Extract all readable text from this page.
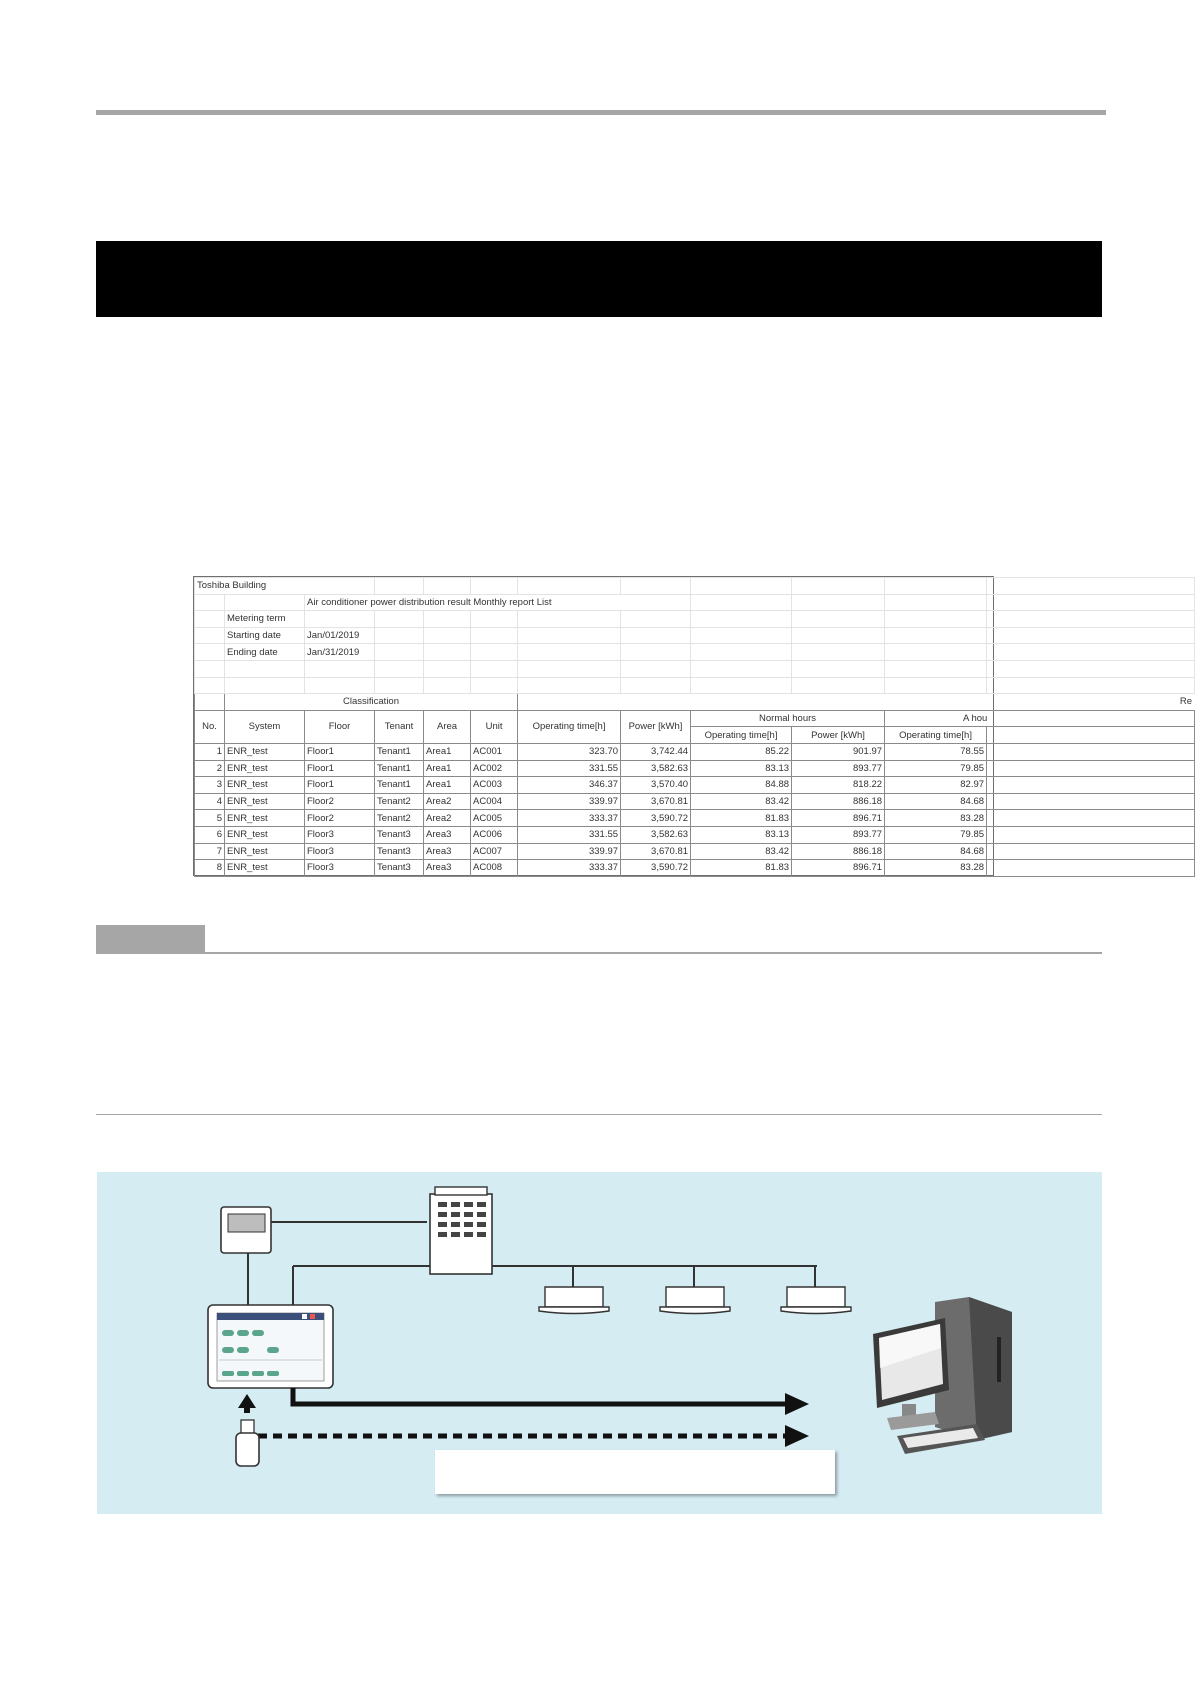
Toshiba Building											
		Air conditioner power distribution result Monthly report List									
	Metering term										
	Starting date	Jan/01/2019									
	Ending date	Jan/31/2019									

	Classification					Re					
No.	System	Floor	Tenant	Area	Unit	Operating time[h]	Power [kWh]	Normal hours		A hou	
								Operating time[h]	Power [kWh]	Operating time[h]	
1	ENR_test	Floor1	Tenant1	Area1	AC001	323.70	3,742.44	85.22	901.97	78.55	
2	ENR_test	Floor1	Tenant1	Area1	AC002	331.55	3,582.63	83.13	893.77	79.85	
3	ENR_test	Floor1	Tenant1	Area1	AC003	346.37	3,570.40	84.88	818.22	82.97	
4	ENR_test	Floor2	Tenant2	Area2	AC004	339.97	3,670.81	83.42	886.18	84.68	
5	ENR_test	Floor2	Tenant2	Area2	AC005	333.37	3,590.72	81.83	896.71	83.28	
6	ENR_test	Floor3	Tenant3	Area3	AC006	331.55	3,582.63	83.13	893.77	79.85	
7	ENR_test	Floor3	Tenant3	Area3	AC007	339.97	3,670.81	83.42	886.18	84.68	
8	ENR_test	Floor3	Tenant3	Area3	AC008	333.37	3,590.72	81.83	896.71	83.28	
